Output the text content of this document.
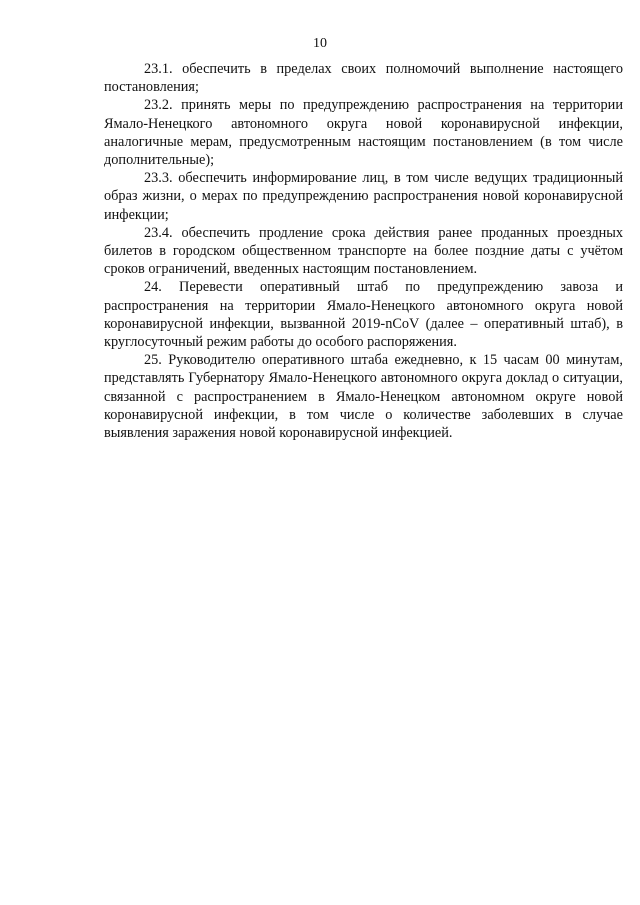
10

23.1. обеспечить в пределах своих полномочий выполнение настоящего постановления;

23.2. принять меры по предупреждению распространения на территории Ямало-Ненецкого автономного округа новой коронавирусной инфекции, аналогичные мерам, предусмотренным настоящим постановлением (в том числе дополнительные);

23.3. обеспечить информирование лиц, в том числе ведущих традиционный образ жизни, о мерах по предупреждению распространения новой коронавирусной инфекции;

23.4. обеспечить продление срока действия ранее проданных проездных билетов в городском общественном транспорте на более поздние даты с учётом сроков ограничений, введенных настоящим постановлением.

24. Перевести оперативный штаб по предупреждению завоза и распространения на территории Ямало-Ненецкого автономного округа новой коронавирусной инфекции, вызванной 2019-nCoV (далее – оперативный штаб), в круглосуточный режим работы до особого распоряжения.

25. Руководителю оперативного штаба ежедневно, к 15 часам 00 минутам, представлять Губернатору Ямало-Ненецкого автономного округа доклад о ситуации, связанной с распространением в Ямало-Ненецком автономном округе новой коронавирусной инфекции, в том числе о количестве заболевших в случае выявления заражения новой коронавирусной инфекцией.
